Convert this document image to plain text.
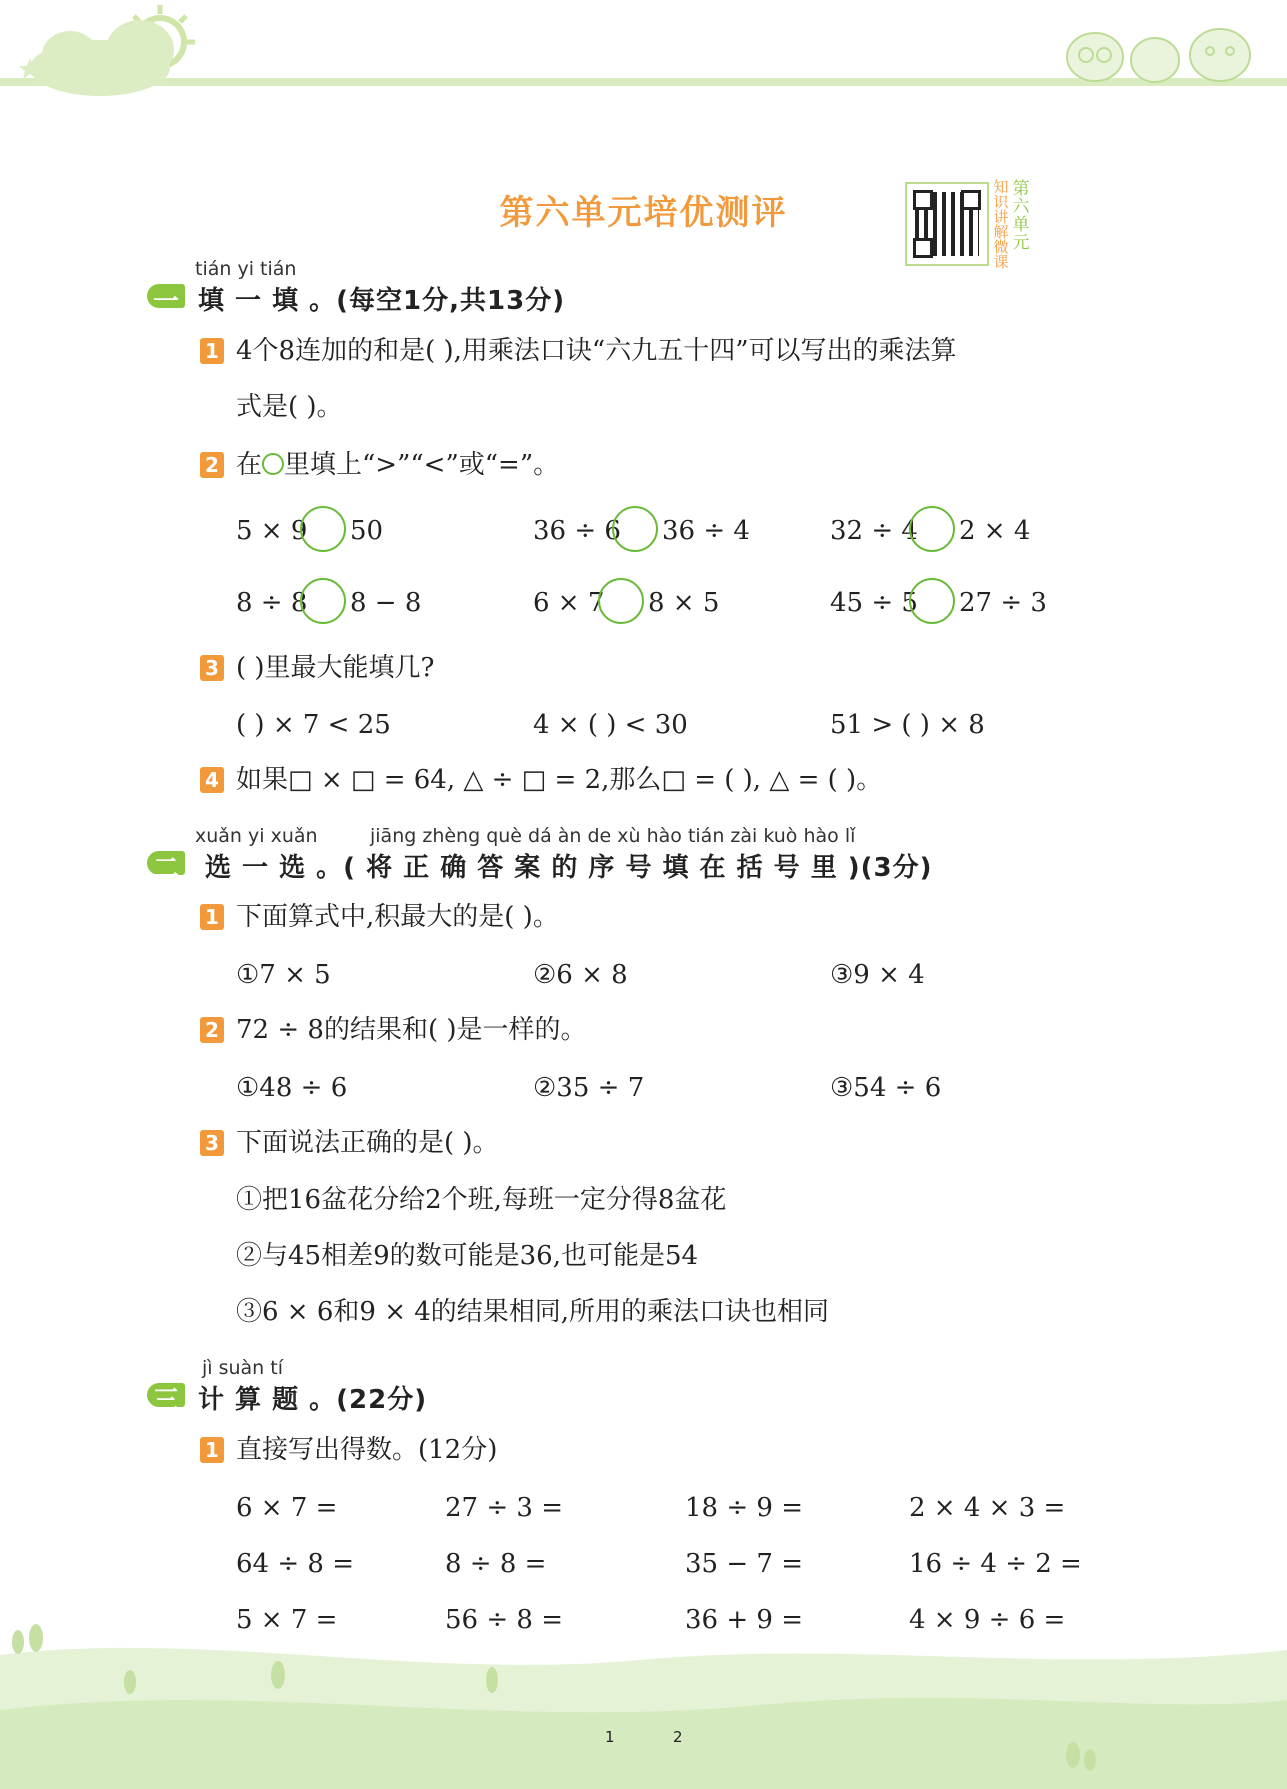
第六单元培优测评
第
六
单
元
知
识
讲
解
微
课
tián yi tián
一 填 一 填 。(每空1分,共13分)
1 4个8连加的和是( ),用乘法口诀“六九五十四”可以写出的乘法算
式是( )。
2 在 里填上“>”“<”或“=”。
5 × 9 50	36 ÷ 6 36 ÷ 4	32 ÷ 4 2 × 4
8 ÷ 8 8 − 8	6 × 7 8 × 5	45 ÷ 5 27 ÷ 3
3 ( )里最大能填几?
( ) × 7 < 25	4 × ( ) < 30	51 > ( ) × 8
4 如果□ × □ = 64, △ ÷ □ = 2,那么□ = ( ), △ = ( )。
xuǎn yi xuǎn	jiāng zhèng què dá àn de xù hào tián zài kuò hào lǐ
二 选 一 选 。( 将 正 确 答 案 的 序 号 填 在 括 号 里 )(3分)
1 下面算式中,积最大的是( )。
①7 × 5	②6 × 8	③9 × 4
2 72 ÷ 8的结果和( )是一样的。
①48 ÷ 6	②35 ÷ 7	③54 ÷ 6
3 下面说法正确的是( )。
①把16盆花分给2个班,每班一定分得8盆花
②与45相差9的数可能是36,也可能是54
③6 × 6和9 × 4的结果相同,所用的乘法口诀也相同
jì suàn tí
三 计 算 题 。(22分)
1 直接写出得数。(12分)
6 × 7 =	27 ÷ 3 =	18 ÷ 9 =	2 × 4 × 3 =
64 ÷ 8 =	8 ÷ 8 =	35 − 7 =	16 ÷ 4 ÷ 2 =
5 × 7 =	56 ÷ 8 =	36 + 9 =	4 × 9 ÷ 6 =
1	2
